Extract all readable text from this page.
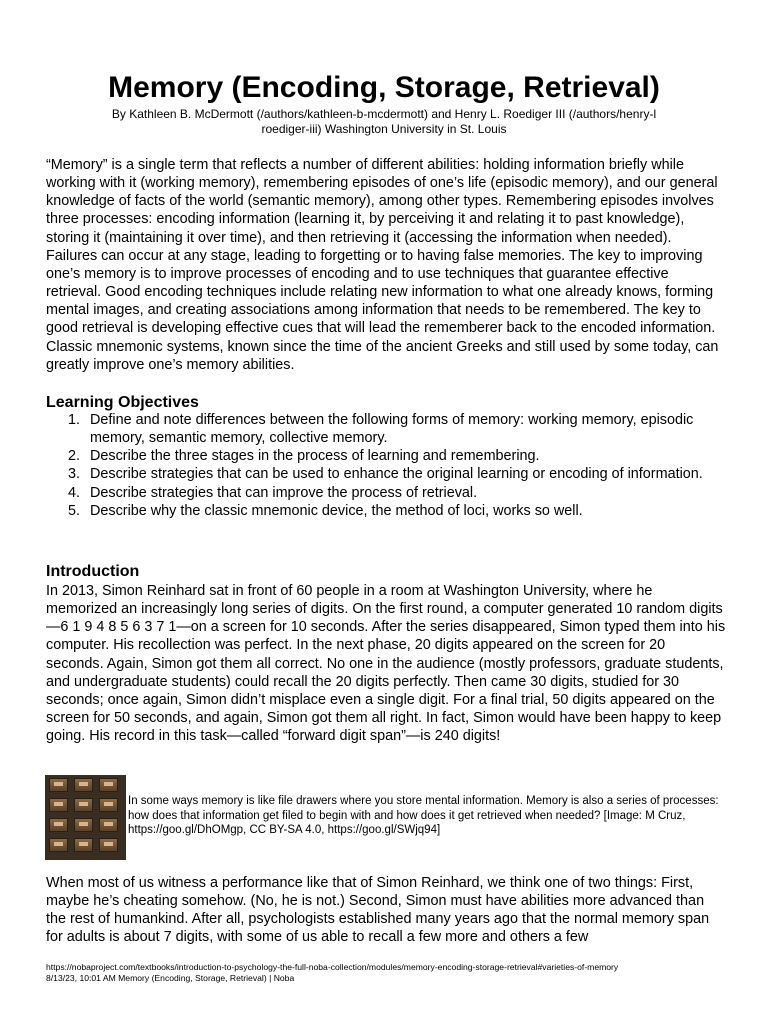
Memory (Encoding, Storage, Retrieval)

By Kathleen B. McDermott (/authors/kathleen-b-mcdermott) and Henry L. Roediger III (/authors/henry-l roediger-iii) Washington University in St. Louis

“Memory” is a single term that reflects a number of different abilities: holding information briefly while working with it (working memory), remembering episodes of one’s life (episodic memory), and our general knowledge of facts of the world (semantic memory), among other types. Remembering episodes involves three processes: encoding information (learning it, by perceiving it and relating it to past knowledge), storing it (maintaining it over time), and then retrieving it (accessing the information when needed). Failures can occur at any stage, leading to forgetting or to having false memories. The key to improving one’s memory is to improve processes of encoding and to use techniques that guarantee effective retrieval. Good encoding techniques include relating new information to what one already knows, forming mental images, and creating associations among information that needs to be remembered. The key to good retrieval is developing effective cues that will lead the rememberer back to the encoded information. Classic mnemonic systems, known since the time of the ancient Greeks and still used by some today, can greatly improve one’s memory abilities.

Learning Objectives
1. Define and note differences between the following forms of memory: working memory, episodic memory, semantic memory, collective memory.
2. Describe the three stages in the process of learning and remembering.
3. Describe strategies that can be used to enhance the original learning or encoding of information.
4. Describe strategies that can improve the process of retrieval.
5. Describe why the classic mnemonic device, the method of loci, works so well.
Introduction

In 2013, Simon Reinhard sat in front of 60 people in a room at Washington University, where he memorized an increasingly long series of digits. On the first round, a computer generated 10 random digits—6 1 9 4 8 5 6 3 7 1—on a screen for 10 seconds. After the series disappeared, Simon typed them into his computer. His recollection was perfect. In the next phase, 20 digits appeared on the screen for 20 seconds. Again, Simon got them all correct. No one in the audience (mostly professors, graduate students, and undergraduate students) could recall the 20 digits perfectly. Then came 30 digits, studied for 30 seconds; once again, Simon didn’t misplace even a single digit. For a final trial, 50 digits appeared on the screen for 50 seconds, and again, Simon got them all right. In fact, Simon would have been happy to keep going. His record in this task—called “forward digit span”—is 240 digits!

In some ways memory is like file drawers where you store mental information. Memory is also a series of processes: how does that information get filed to begin with and how does it get retrieved when needed? [Image: M Cruz, https://goo.gl/DhOMgp, CC BY-SA 4.0, https://goo.gl/SWjq94]

When most of us witness a performance like that of Simon Reinhard, we think one of two things: First, maybe he’s cheating somehow. (No, he is not.) Second, Simon must have abilities more advanced than the rest of humankind. After all, psychologists established many years ago that the normal memory span for adults is about 7 digits, with some of us able to recall a few more and others a few

https://nobaproject.com/textbooks/introduction-to-psychology-the-full-noba-collection/modules/memory-encoding-storage-retrieval#varieties-of-memory
8/13/23, 10:01 AM Memory (Encoding, Storage, Retrieval) | Noba
